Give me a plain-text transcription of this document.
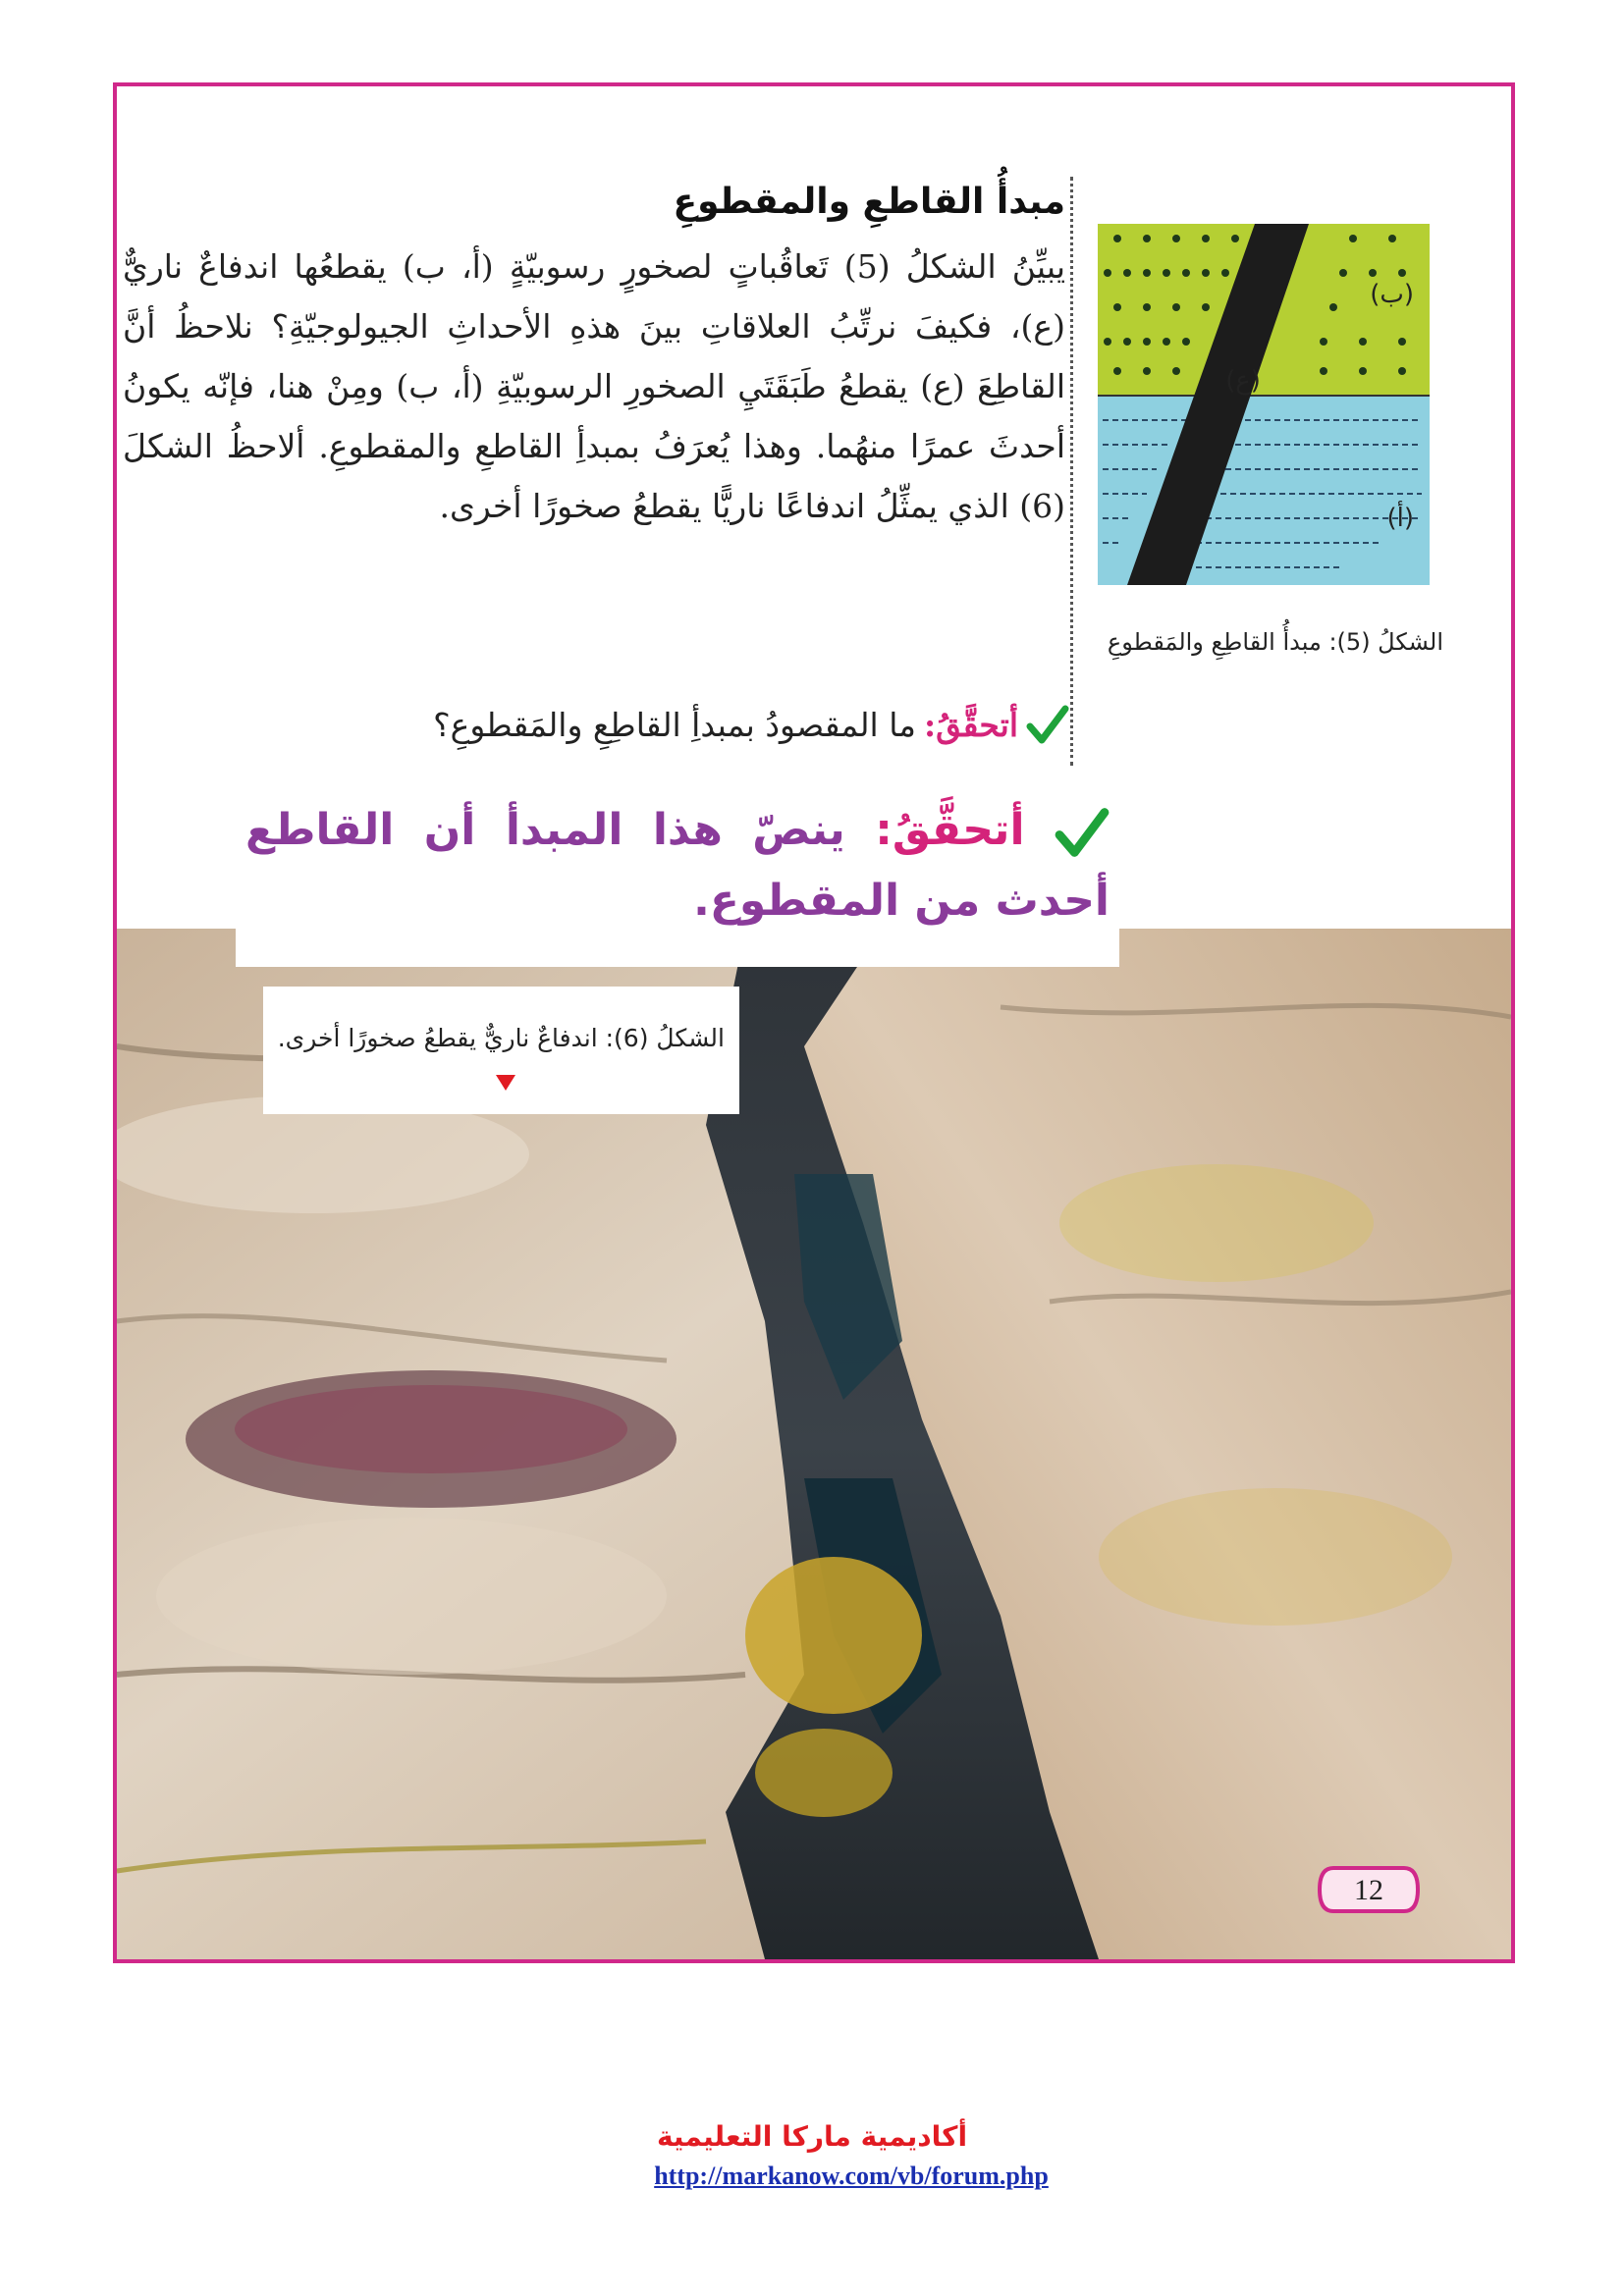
مبدأُ القاطعِ والمقطوعِ
يبيِّنُ الشكلُ (5) تَعاقُباتٍ لصخورٍ رسوبيّةٍ (أ، ب) يقطعُها اندفاعٌ ناريٌّ (ع)، فكيفَ نرتِّبُ العلاقاتِ بينَ هذهِ الأحداثِ الجيولوجيّةِ؟ نلاحظُ أنَّ القاطِعَ (ع) يقطعُ طَبَقَتَيِ الصخورِ الرسوبيّةِ (أ، ب) ومِنْ هنا، فإنّه يكونُ أحدثَ عمرًا منهُما. وهذا يُعرَفُ بمبدأِ القاطعِ والمقطوعِ. ألاحظُ الشكلَ (6) الذي يمثِّلُ اندفاعًا ناريًّا يقطعُ صخورًا أخرى.
(ب)
(ع)
(أ)
الشكلُ (5): مبدأُ القاطِعِ والمَقطوعِ
أتحقَّقُ:
ما المقصودُ بمبدأِ القاطِعِ والمَقطوعِ؟
أتحقَّقُ: ينصّ هذا المبدأ أن القاطع أحدث من المقطوع.
الشكلُ (6): اندفاعٌ ناريٌّ يقطعُ صخورًا أخرى.
12
أكاديمية ماركا التعليمية
http://markanow.com/vb/forum.php
